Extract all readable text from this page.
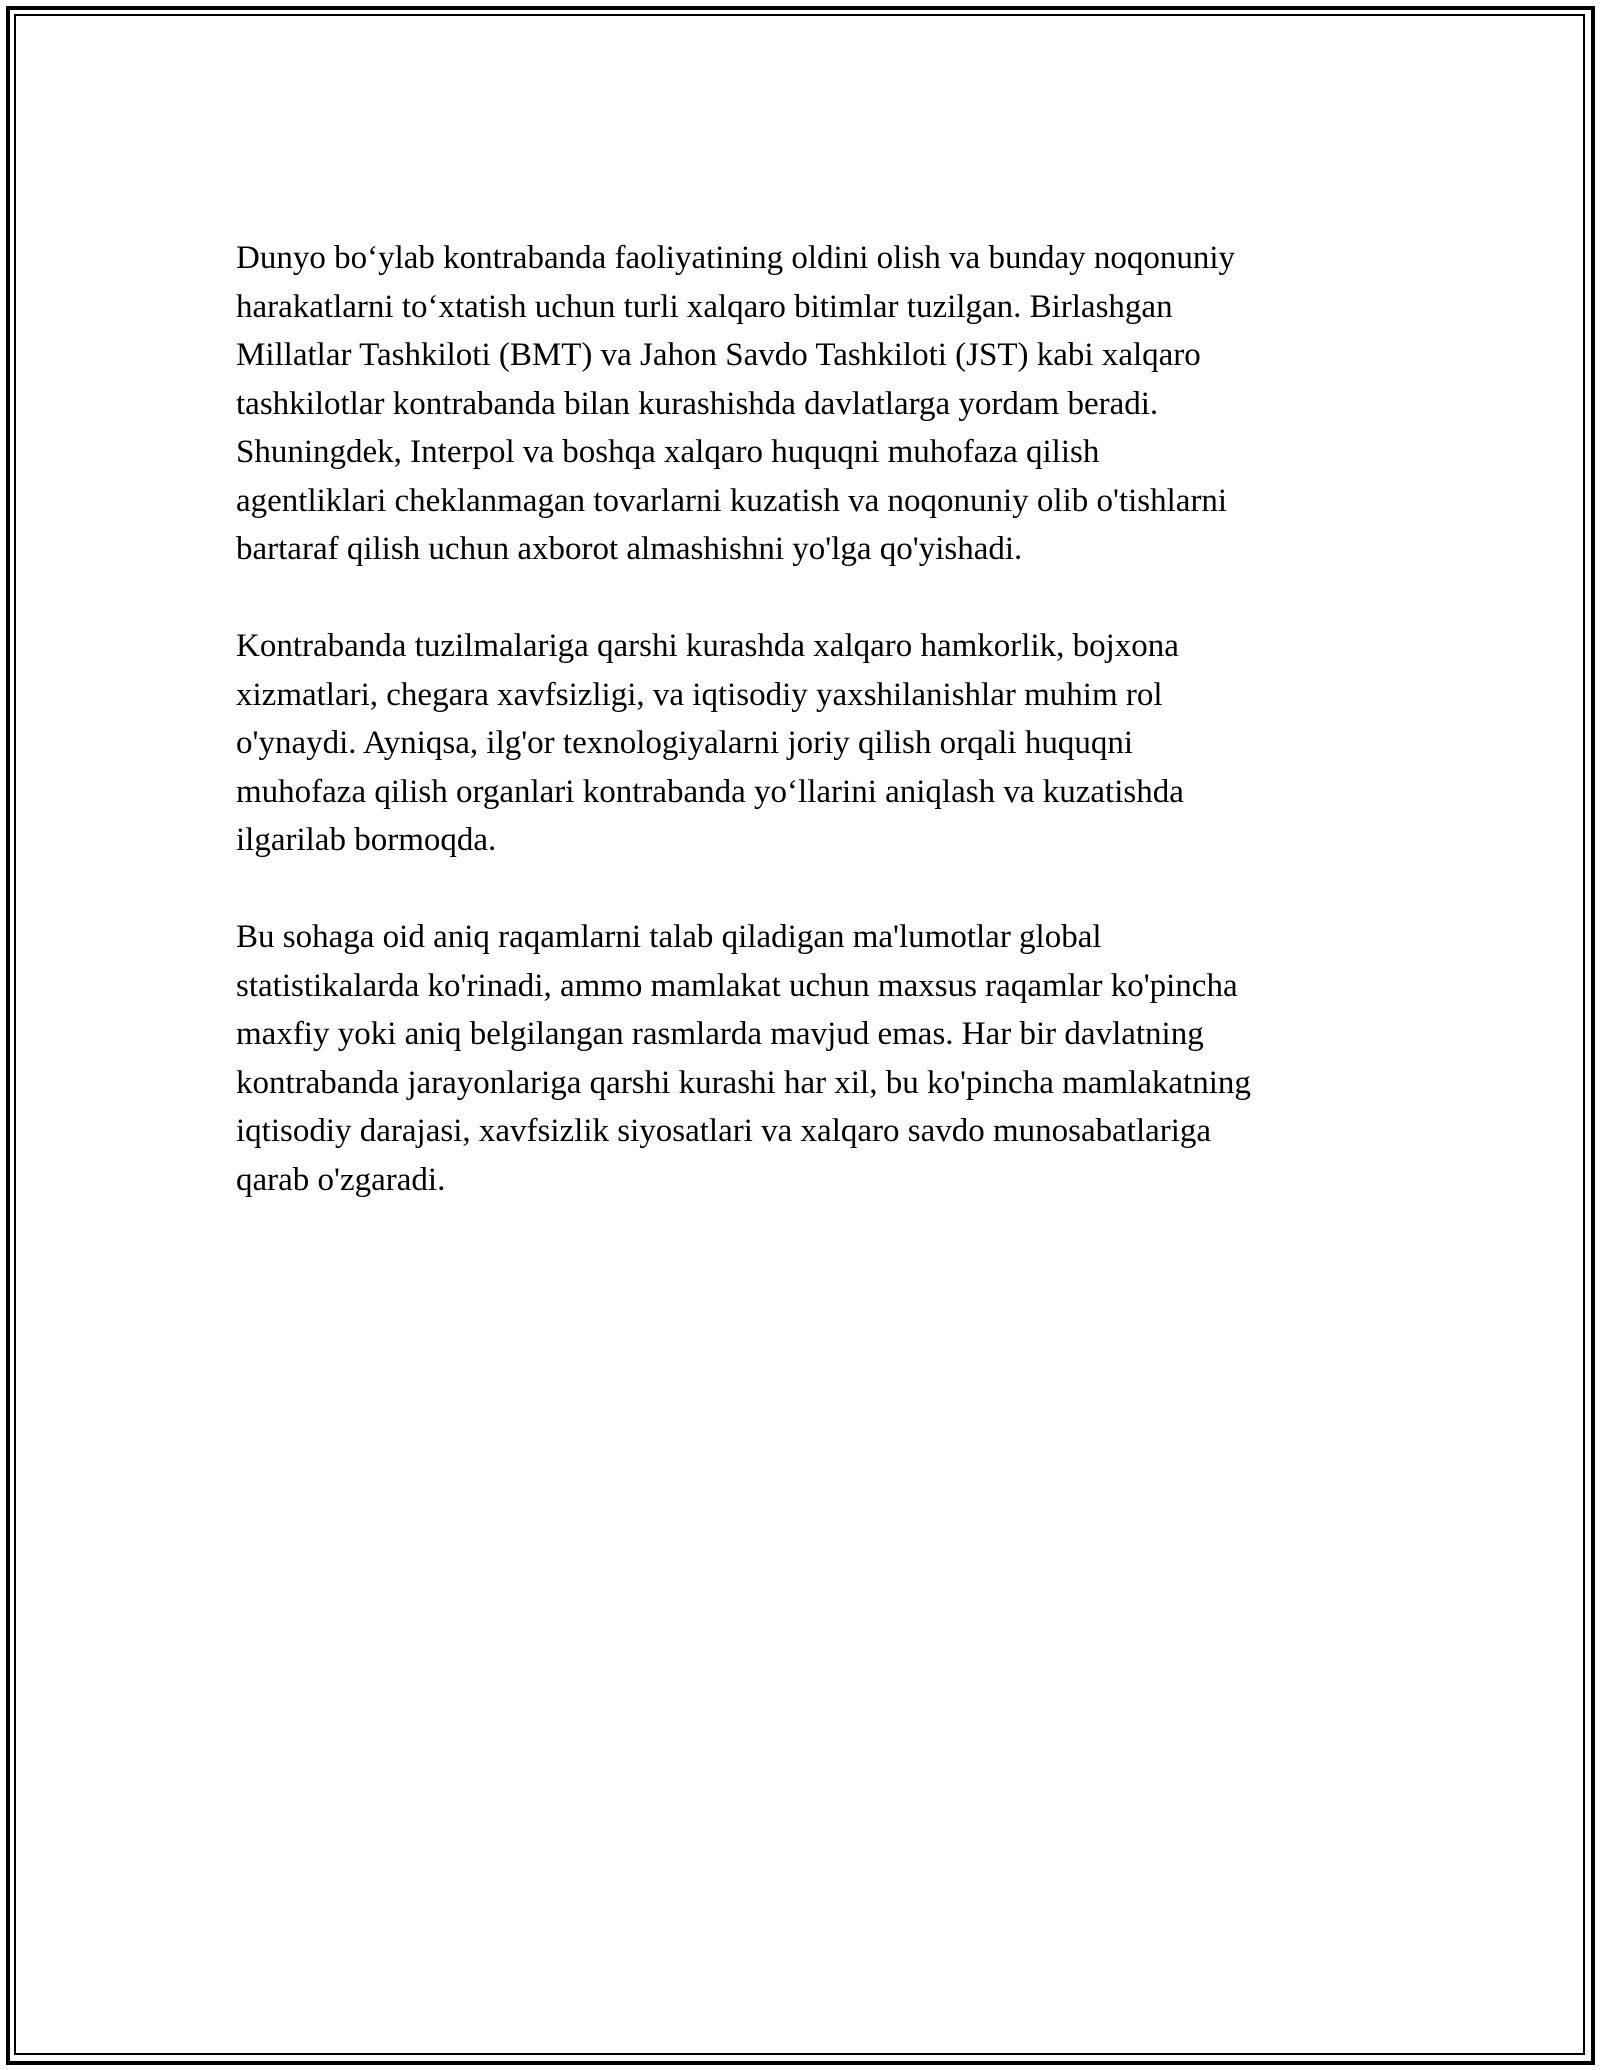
Dunyo bo‘ylab kontrabanda faoliyatining oldini olish va bunday noqonuniy
harakatlarni to‘xtatish uchun turli xalqaro bitimlar tuzilgan. Birlashgan
Millatlar Tashkiloti (BMT) va Jahon Savdo Tashkiloti (JST) kabi xalqaro
tashkilotlar kontrabanda bilan kurashishda davlatlarga yordam beradi.
Shuningdek, Interpol va boshqa xalqaro huquqni muhofaza qilish
agentliklari cheklanmagan tovarlarni kuzatish va noqonuniy olib o'tishlarni
bartaraf qilish uchun axborot almashishni yo'lga qo'yishadi.
Kontrabanda tuzilmalariga qarshi kurashda xalqaro hamkorlik, bojxona
xizmatlari, chegara xavfsizligi, va iqtisodiy yaxshilanishlar muhim rol
o'ynaydi. Ayniqsa, ilg'or texnologiyalarni joriy qilish orqali huquqni
muhofaza qilish organlari kontrabanda yo‘llarini aniqlash va kuzatishda
ilgarilab bormoqda.
Bu sohaga oid aniq raqamlarni talab qiladigan ma'lumotlar global
statistikalarda ko'rinadi, ammo mamlakat uchun maxsus raqamlar ko'pincha
maxfiy yoki aniq belgilangan rasmlarda mavjud emas. Har bir davlatning
kontrabanda jarayonlariga qarshi kurashi har xil, bu ko'pincha mamlakatning
iqtisodiy darajasi, xavfsizlik siyosatlari va xalqaro savdo munosabatlariga
qarab o'zgaradi.
